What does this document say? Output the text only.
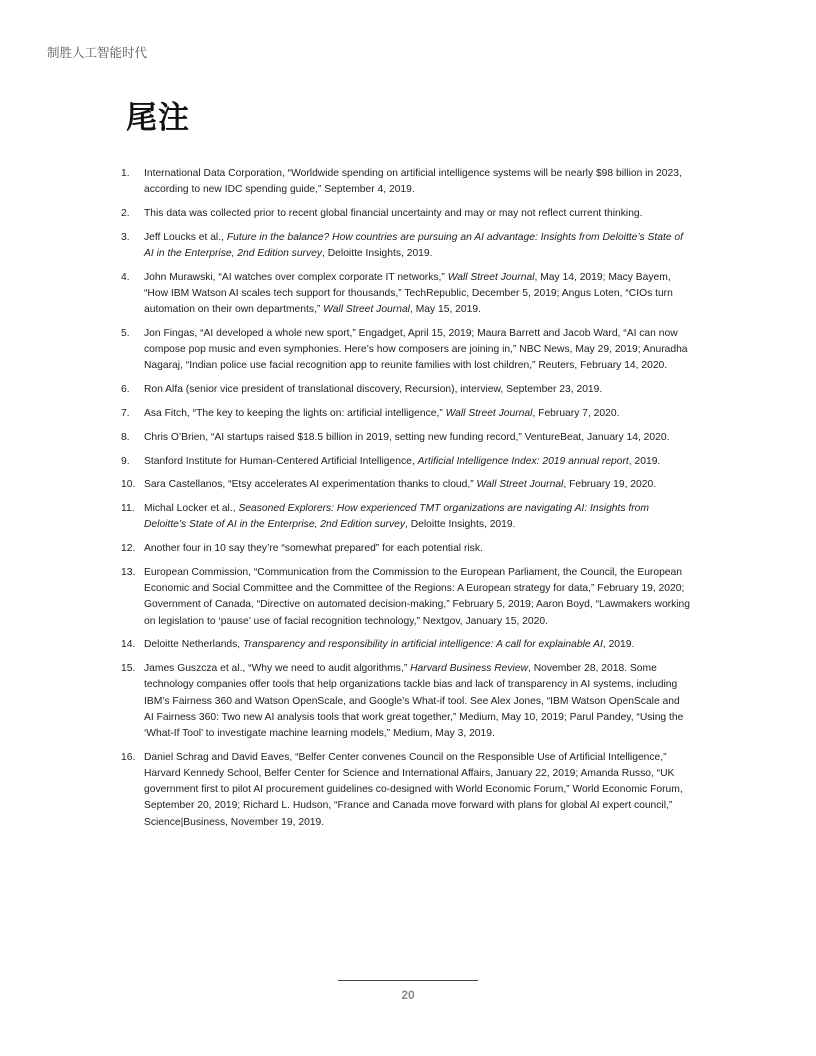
制胜人工智能时代
尾注
1. International Data Corporation, “Worldwide spending on artificial intelligence systems will be nearly $98 billion in 2023, according to new IDC spending guide,” September 4, 2019.
2. This data was collected prior to recent global financial uncertainty and may or may not reflect current thinking.
3. Jeff Loucks et al., Future in the balance? How countries are pursuing an AI advantage: Insights from Deloitte’s State of AI in the Enterprise, 2nd Edition survey, Deloitte Insights, 2019.
4. John Murawski, “AI watches over complex corporate IT networks,” Wall Street Journal, May 14, 2019; Macy Bayem, “How IBM Watson AI scales tech support for thousands,” TechRepublic, December 5, 2019; Angus Loten, “CIOs turn automation on their own departments,” Wall Street Journal, May 15, 2019.
5. Jon Fingas, “AI developed a whole new sport,” Engadget, April 15, 2019; Maura Barrett and Jacob Ward, “AI can now compose pop music and even symphonies. Here’s how composers are joining in,” NBC News, May 29, 2019; Anuradha Nagaraj, “Indian police use facial recognition app to reunite families with lost children,” Reuters, February 14, 2020.
6. Ron Alfa (senior vice president of translational discovery, Recursion), interview, September 23, 2019.
7. Asa Fitch, “The key to keeping the lights on: artificial intelligence,” Wall Street Journal, February 7, 2020.
8. Chris O’Brien, “AI startups raised $18.5 billion in 2019, setting new funding record,” VentureBeat, January 14, 2020.
9. Stanford Institute for Human-Centered Artificial Intelligence, Artificial Intelligence Index: 2019 annual report, 2019.
10. Sara Castellanos, “Etsy accelerates AI experimentation thanks to cloud,” Wall Street Journal, February 19, 2020.
11. Michal Locker et al., Seasoned Explorers: How experienced TMT organizations are navigating AI: Insights from Deloitte’s State of AI in the Enterprise, 2nd Edition survey, Deloitte Insights, 2019.
12. Another four in 10 say they’re “somewhat prepared” for each potential risk.
13. European Commission, “Communication from the Commission to the European Parliament, the Council, the European Economic and Social Committee and the Committee of the Regions: A European strategy for data,” February 19, 2020; Government of Canada, “Directive on automated decision-making,” February 5, 2019; Aaron Boyd, “Lawmakers working on legislation to ‘pause’ use of facial recognition technology,” Nextgov, January 15, 2020.
14. Deloitte Netherlands, Transparency and responsibility in artificial intelligence: A call for explainable AI, 2019.
15. James Guszcza et al., “Why we need to audit algorithms,” Harvard Business Review, November 28, 2018. Some technology companies offer tools that help organizations tackle bias and lack of transparency in AI systems, including IBM’s Fairness 360 and Watson OpenScale, and Google’s What-if tool. See Alex Jones, “IBM Watson OpenScale and AI Fairness 360: Two new AI analysis tools that work great together,” Medium, May 10, 2019; Parul Pandey, “Using the ‘What-If Tool’ to investigate machine learning models,” Medium, May 3, 2019.
16. Daniel Schrag and David Eaves, “Belfer Center convenes Council on the Responsible Use of Artificial Intelligence,” Harvard Kennedy School, Belfer Center for Science and International Affairs, January 22, 2019; Amanda Russo, “UK government first to pilot AI procurement guidelines co-designed with World Economic Forum,” World Economic Forum, September 20, 2019; Richard L. Hudson, “France and Canada move forward with plans for global AI expert council,” Science|Business, November 19, 2019.
20
